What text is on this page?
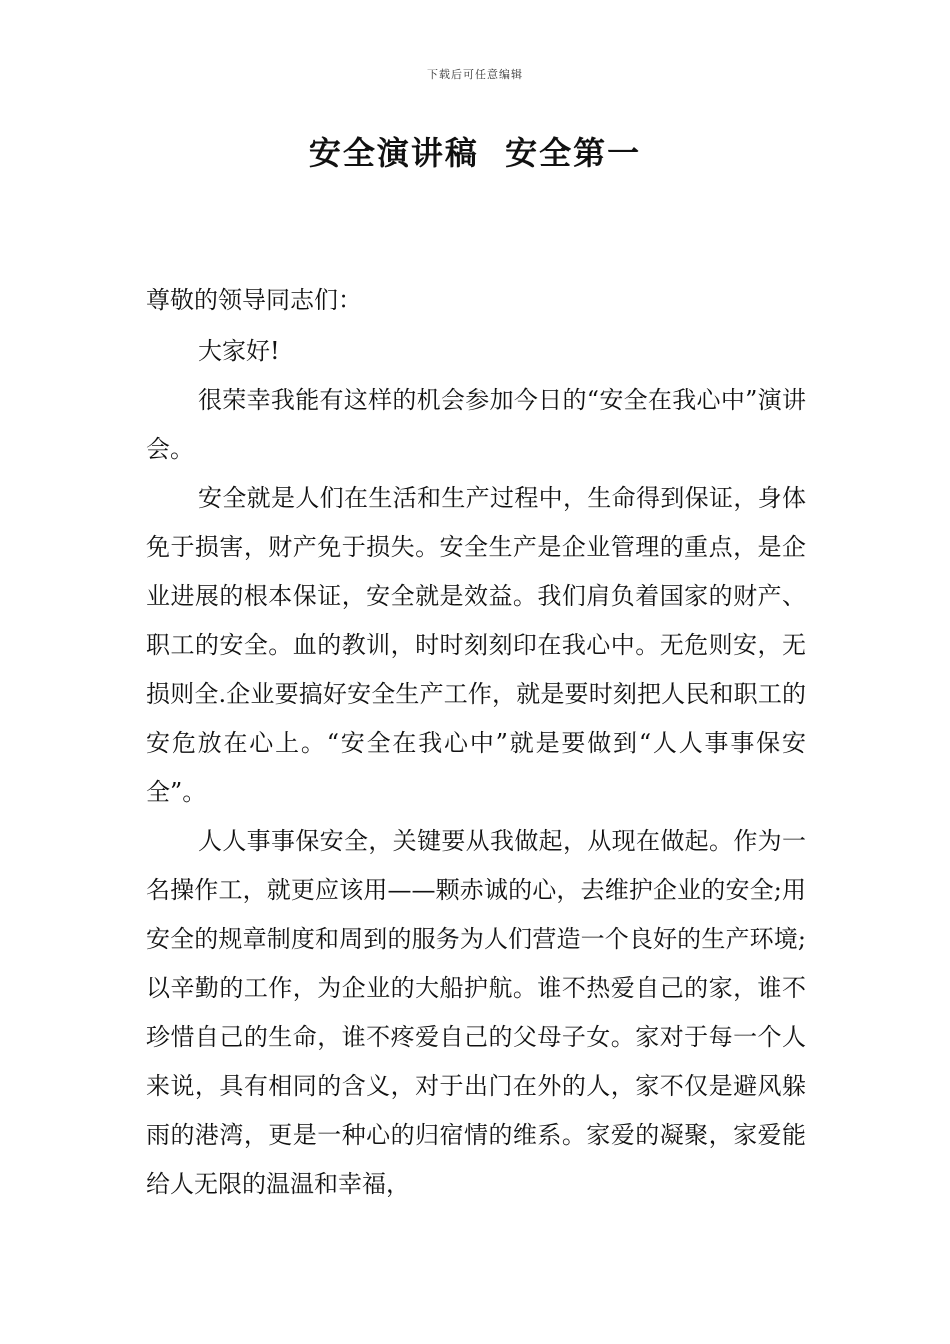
下载后可任意编辑
安全演讲稿  安全第一

尊敬的领导同志们：

大家好!

很荣幸我能有这样的机会参加今日的“安全在我心中”演讲会。

安全就是人们在生活和生产过程中，生命得到保证，身体免于损害，财产免于损失。安全生产是企业管理的重点，是企业进展的根本保证，安全就是效益。我们肩负着国家的财产、职工的安全。血的教训，时时刻刻印在我心中。无危则安，无损则全.企业要搞好安全生产工作，就是要时刻把人民和职工的安危放在心上。“安全在我心中”就是要做到“人人事事保安全”。

人人事事保安全，关键要从我做起，从现在做起。作为一名操作工，就更应该用——颗赤诚的心，去维护企业的安全;用安全的规章制度和周到的服务为人们营造一个良好的生产环境;以辛勤的工作，为企业的大船护航。谁不热爱自己的家，谁不珍惜自己的生命，谁不疼爱自己的父母子女。家对于每一个人来说，具有相同的含义，对于出门在外的人，家不仅是避风躲雨的港湾，更是一种心的归宿情的维系。家爱的凝聚，家爱能给人无限的温温和幸福，
